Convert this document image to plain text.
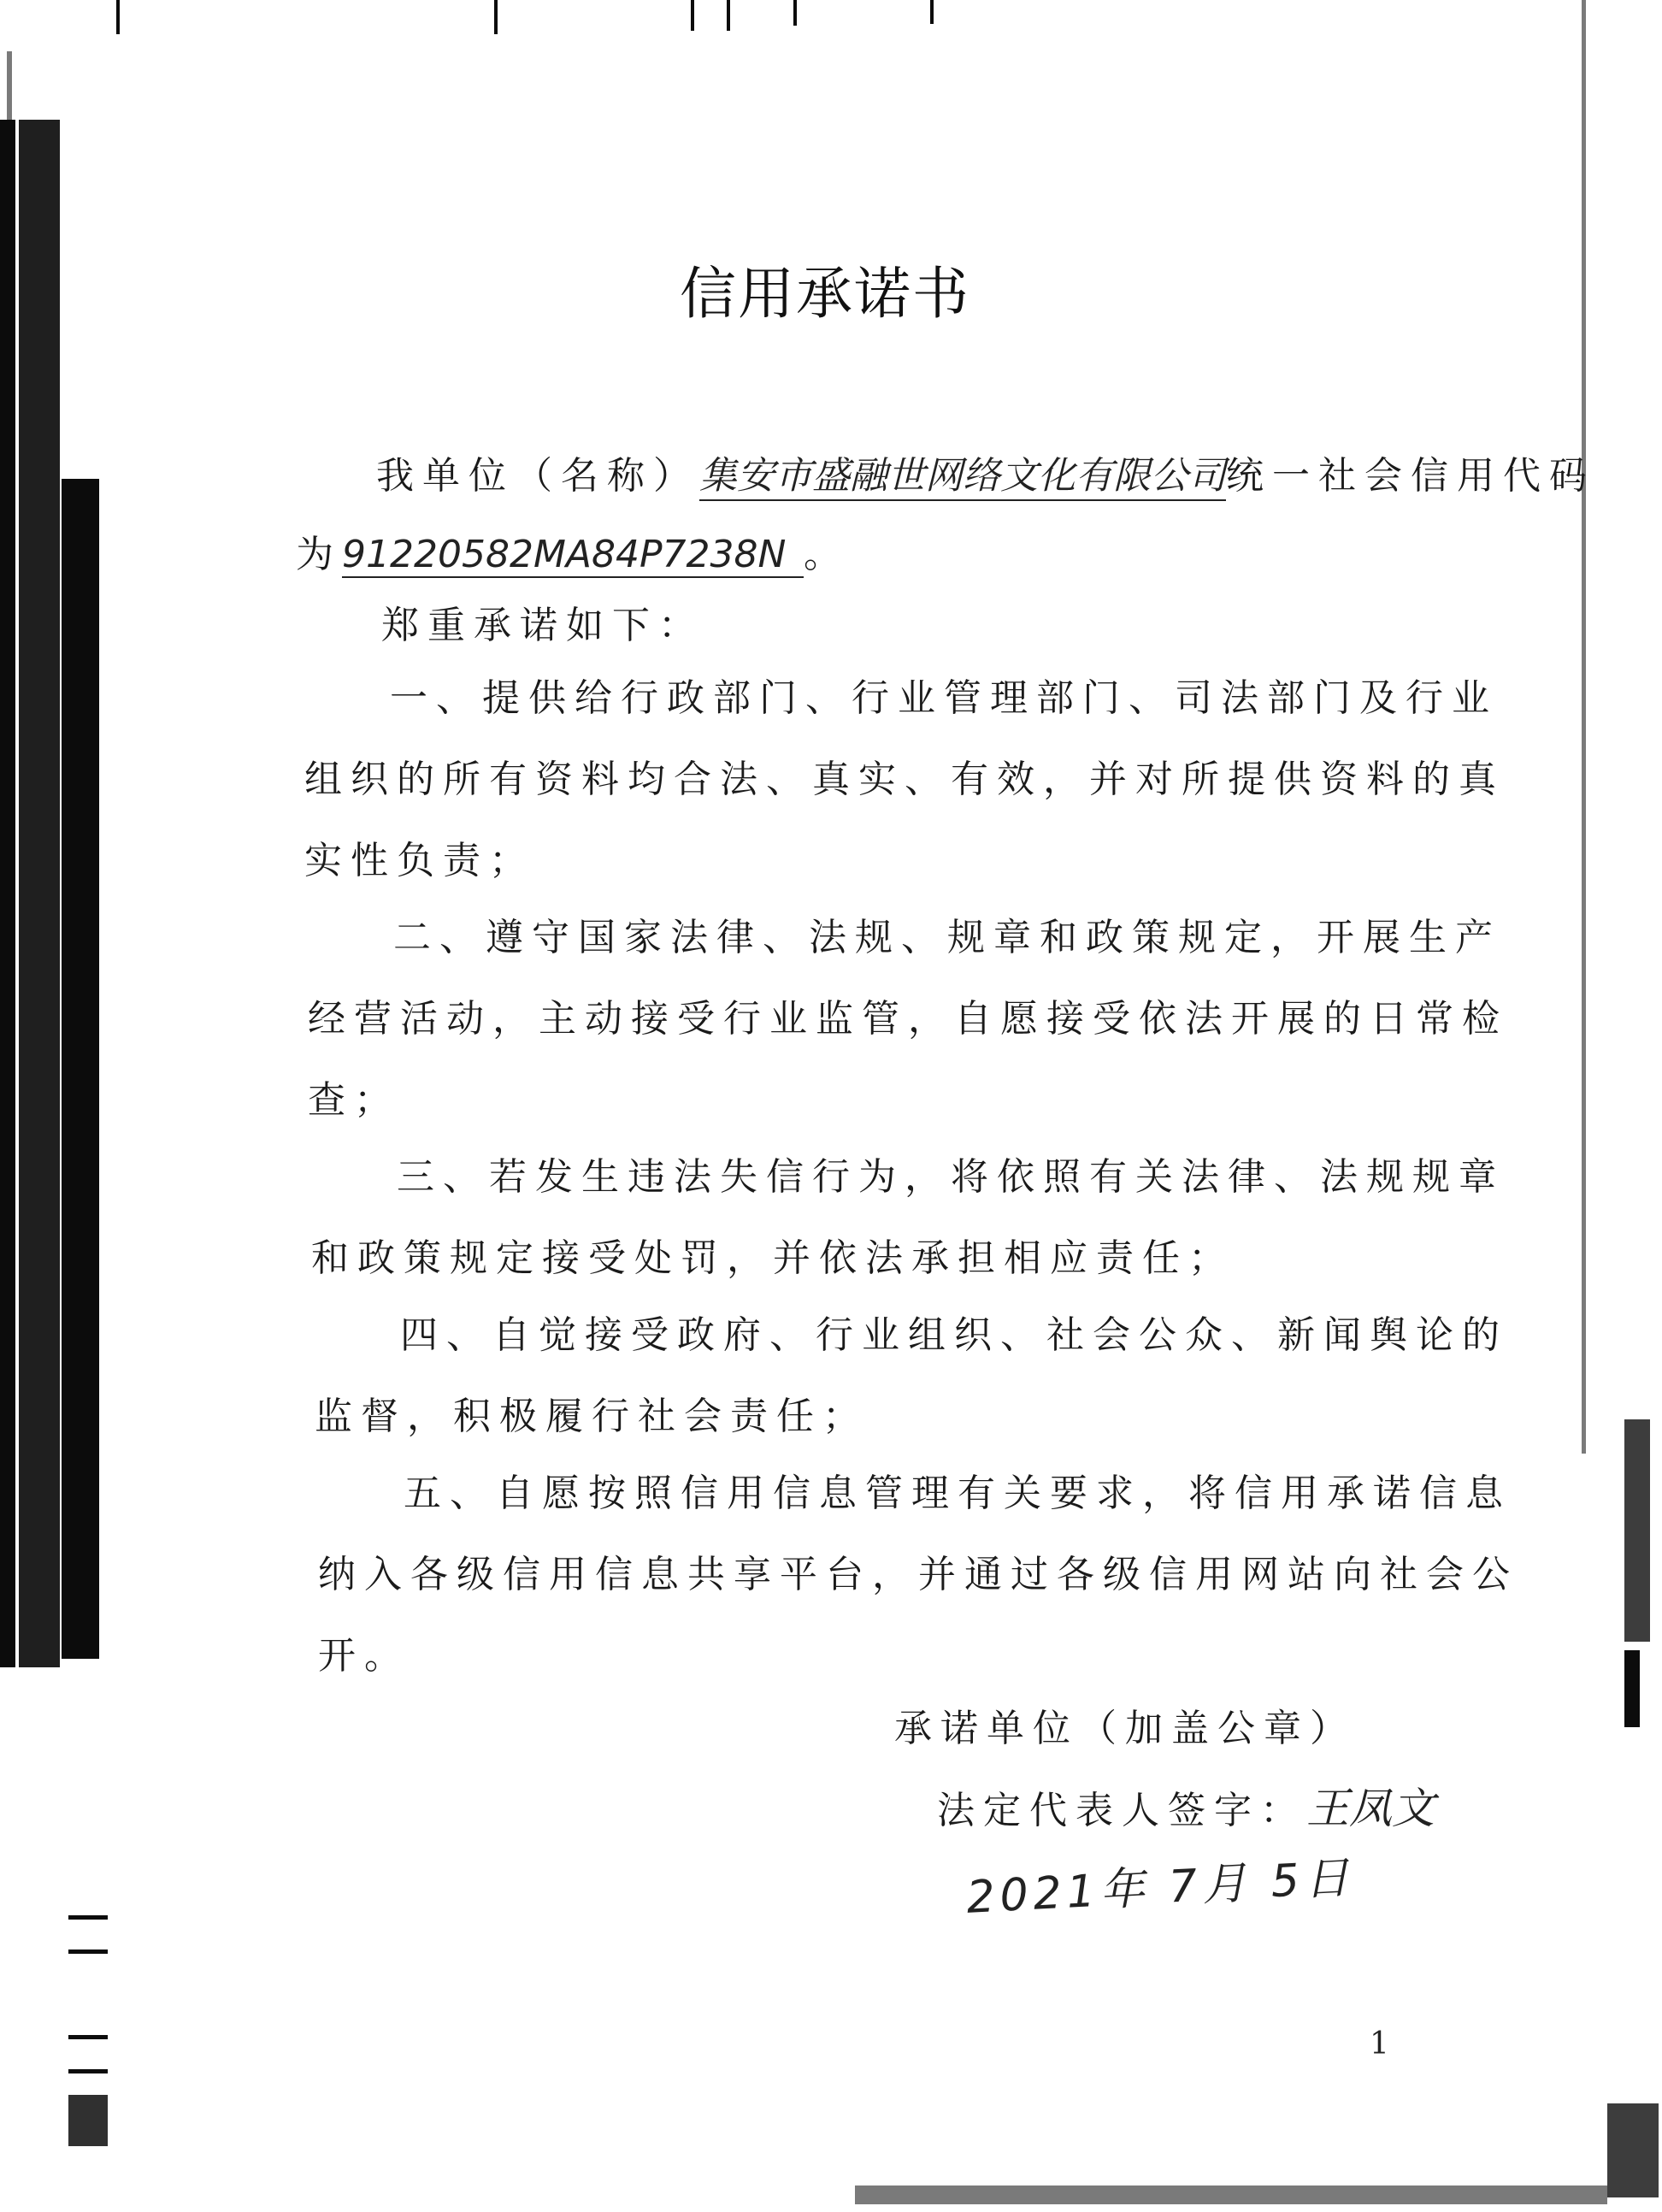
信用承诺书
我单位（名称）集安市盛融世网络文化有限公司统一社会信用代码
为91220582MA84P7238N 。
郑重承诺如下：
一、提供给行政部门、行业管理部门、司法部门及行业
组织的所有资料均合法、真实、有效，并对所提供资料的真
实性负责；
二、遵守国家法律、法规、规章和政策规定，开展生产
经营活动，主动接受行业监管，自愿接受依法开展的日常检
查；
三、若发生违法失信行为，将依照有关法律、法规规章
和政策规定接受处罚，并依法承担相应责任；
四、自觉接受政府、行业组织、社会公众、新闻舆论的
监督，积极履行社会责任；
五、自愿按照信用信息管理有关要求，将信用承诺信息
纳入各级信用信息共享平台，并通过各级信用网站向社会公
开。
承诺单位（加盖公章）
法定代表人签字：王凤文
2021年 7月 5日
1
